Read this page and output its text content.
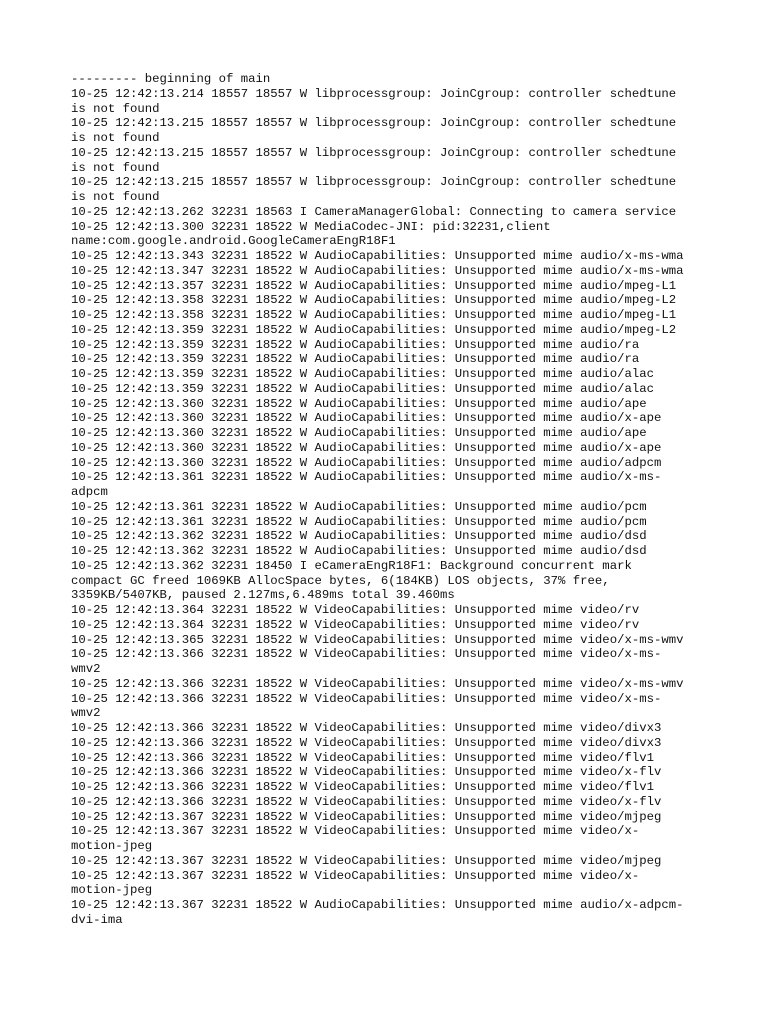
--------- beginning of main
10-25 12:42:13.214 18557 18557 W libprocessgroup: JoinCgroup: controller schedtune
is not found
10-25 12:42:13.215 18557 18557 W libprocessgroup: JoinCgroup: controller schedtune
is not found
10-25 12:42:13.215 18557 18557 W libprocessgroup: JoinCgroup: controller schedtune
is not found
10-25 12:42:13.215 18557 18557 W libprocessgroup: JoinCgroup: controller schedtune
is not found
10-25 12:42:13.262 32231 18563 I CameraManagerGlobal: Connecting to camera service
10-25 12:42:13.300 32231 18522 W MediaCodec-JNI: pid:32231,client
name:com.google.android.GoogleCameraEngR18F1
10-25 12:42:13.343 32231 18522 W AudioCapabilities: Unsupported mime audio/x-ms-wma
10-25 12:42:13.347 32231 18522 W AudioCapabilities: Unsupported mime audio/x-ms-wma
10-25 12:42:13.357 32231 18522 W AudioCapabilities: Unsupported mime audio/mpeg-L1
10-25 12:42:13.358 32231 18522 W AudioCapabilities: Unsupported mime audio/mpeg-L2
10-25 12:42:13.358 32231 18522 W AudioCapabilities: Unsupported mime audio/mpeg-L1
10-25 12:42:13.359 32231 18522 W AudioCapabilities: Unsupported mime audio/mpeg-L2
10-25 12:42:13.359 32231 18522 W AudioCapabilities: Unsupported mime audio/ra
10-25 12:42:13.359 32231 18522 W AudioCapabilities: Unsupported mime audio/ra
10-25 12:42:13.359 32231 18522 W AudioCapabilities: Unsupported mime audio/alac
10-25 12:42:13.359 32231 18522 W AudioCapabilities: Unsupported mime audio/alac
10-25 12:42:13.360 32231 18522 W AudioCapabilities: Unsupported mime audio/ape
10-25 12:42:13.360 32231 18522 W AudioCapabilities: Unsupported mime audio/x-ape
10-25 12:42:13.360 32231 18522 W AudioCapabilities: Unsupported mime audio/ape
10-25 12:42:13.360 32231 18522 W AudioCapabilities: Unsupported mime audio/x-ape
10-25 12:42:13.360 32231 18522 W AudioCapabilities: Unsupported mime audio/adpcm
10-25 12:42:13.361 32231 18522 W AudioCapabilities: Unsupported mime audio/x-ms-
adpcm
10-25 12:42:13.361 32231 18522 W AudioCapabilities: Unsupported mime audio/pcm
10-25 12:42:13.361 32231 18522 W AudioCapabilities: Unsupported mime audio/pcm
10-25 12:42:13.362 32231 18522 W AudioCapabilities: Unsupported mime audio/dsd
10-25 12:42:13.362 32231 18522 W AudioCapabilities: Unsupported mime audio/dsd
10-25 12:42:13.362 32231 18450 I eCameraEngR18F1: Background concurrent mark
compact GC freed 1069KB AllocSpace bytes, 6(184KB) LOS objects, 37% free,
3359KB/5407KB, paused 2.127ms,6.489ms total 39.460ms
10-25 12:42:13.364 32231 18522 W VideoCapabilities: Unsupported mime video/rv
10-25 12:42:13.364 32231 18522 W VideoCapabilities: Unsupported mime video/rv
10-25 12:42:13.365 32231 18522 W VideoCapabilities: Unsupported mime video/x-ms-wmv
10-25 12:42:13.366 32231 18522 W VideoCapabilities: Unsupported mime video/x-ms-
wmv2
10-25 12:42:13.366 32231 18522 W VideoCapabilities: Unsupported mime video/x-ms-wmv
10-25 12:42:13.366 32231 18522 W VideoCapabilities: Unsupported mime video/x-ms-
wmv2
10-25 12:42:13.366 32231 18522 W VideoCapabilities: Unsupported mime video/divx3
10-25 12:42:13.366 32231 18522 W VideoCapabilities: Unsupported mime video/divx3
10-25 12:42:13.366 32231 18522 W VideoCapabilities: Unsupported mime video/flv1
10-25 12:42:13.366 32231 18522 W VideoCapabilities: Unsupported mime video/x-flv
10-25 12:42:13.366 32231 18522 W VideoCapabilities: Unsupported mime video/flv1
10-25 12:42:13.366 32231 18522 W VideoCapabilities: Unsupported mime video/x-flv
10-25 12:42:13.367 32231 18522 W VideoCapabilities: Unsupported mime video/mjpeg
10-25 12:42:13.367 32231 18522 W VideoCapabilities: Unsupported mime video/x-
motion-jpeg
10-25 12:42:13.367 32231 18522 W VideoCapabilities: Unsupported mime video/mjpeg
10-25 12:42:13.367 32231 18522 W VideoCapabilities: Unsupported mime video/x-
motion-jpeg
10-25 12:42:13.367 32231 18522 W AudioCapabilities: Unsupported mime audio/x-adpcm-
dvi-ima
